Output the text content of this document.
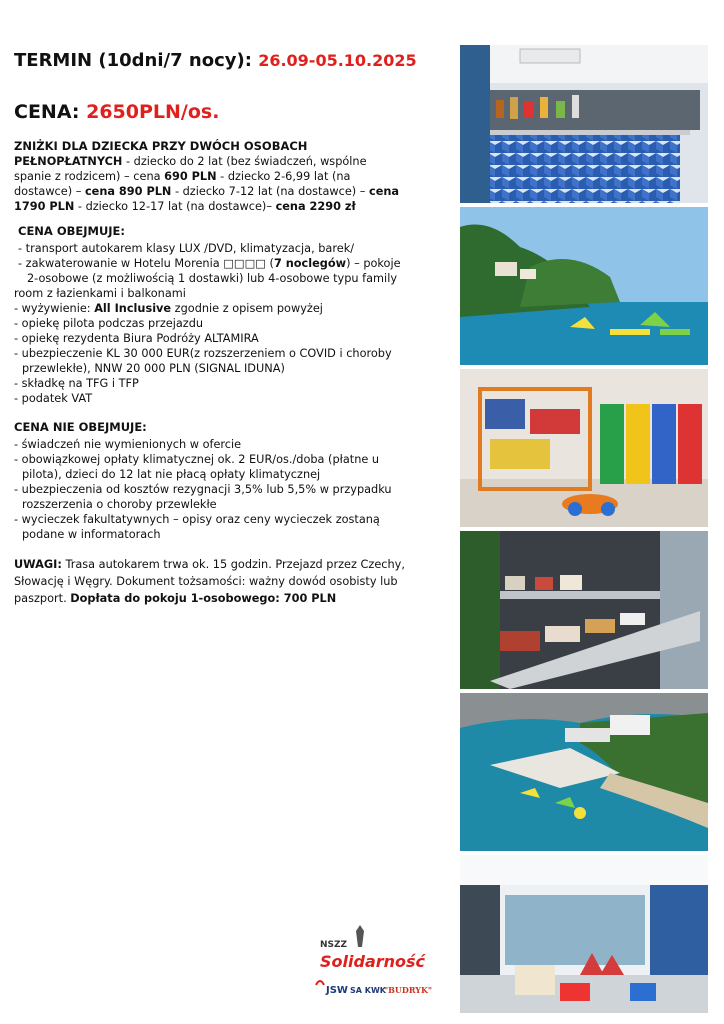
TERMIN (10dni/7 nocy): 26.09-05.10.2025

CENA: 2650PLN/os.

ZNIŻKI DLA DZIECKA PRZY DWÓCH OSOBACH

PEŁNOPŁATNYCH - dziecko do 2 lat (bez świadczeń, wspólne
spanie z rodzicem) – cena 690 PLN - dziecko 2-6,99 lat (na
dostawce) – cena 890 PLN - dziecko 7-12 lat (na dostawce) – cena
1790 PLN - dziecko 12-17 lat (na dostawce)– cena 2290 zł

CENA OBEJMUJE:

- transport autokarem klasy LUX /DVD, klimatyzacja, barek/
- zakwaterowanie w Hotelu Morenia □□□□ (7 noclegów) – pokoje
2-osobowe (z możliwością 1 dostawki) lub 4-osobowe typu family
room z łazienkami i balkonami
- wyżywienie: All Inclusive zgodnie z opisem powyżej
- opiekę pilota podczas przejazdu
- opiekę rezydenta Biura Podróży ALTAMIRA
- ubezpieczenie KL 30 000 EUR(z rozszerzeniem o COVID i choroby
przewlekłe), NNW 20 000 PLN (SIGNAL IDUNA)
- składkę na TFG i TFP
- podatek VAT

CENA NIE OBEJMUJE:

- świadczeń nie wymienionych w ofercie
- obowiązkowej opłaty klimatycznej ok. 2 EUR/os./doba (płatne u
pilota), dzieci do 12 lat nie płacą opłaty klimatycznej
- ubezpieczenia od kosztów rezygnacji 3,5% lub 5,5% w przypadku
rozszerzenia o choroby przewlekłe
- wycieczek fakultatywnych – opisy oraz ceny wycieczek zostaną
podane w informatorach
UWAGI: Trasa autokarem trwa ok. 15 godzin. Przejazd przez Czechy,
Słowację i Węgry. Dokument tożsamości: ważny dowód osobisty lub
paszport. Dopłata do pokoju 1-osobowego: 700 PLN
NSZZ
Solidarność
JSW SA KWK
"BUDRYK"
